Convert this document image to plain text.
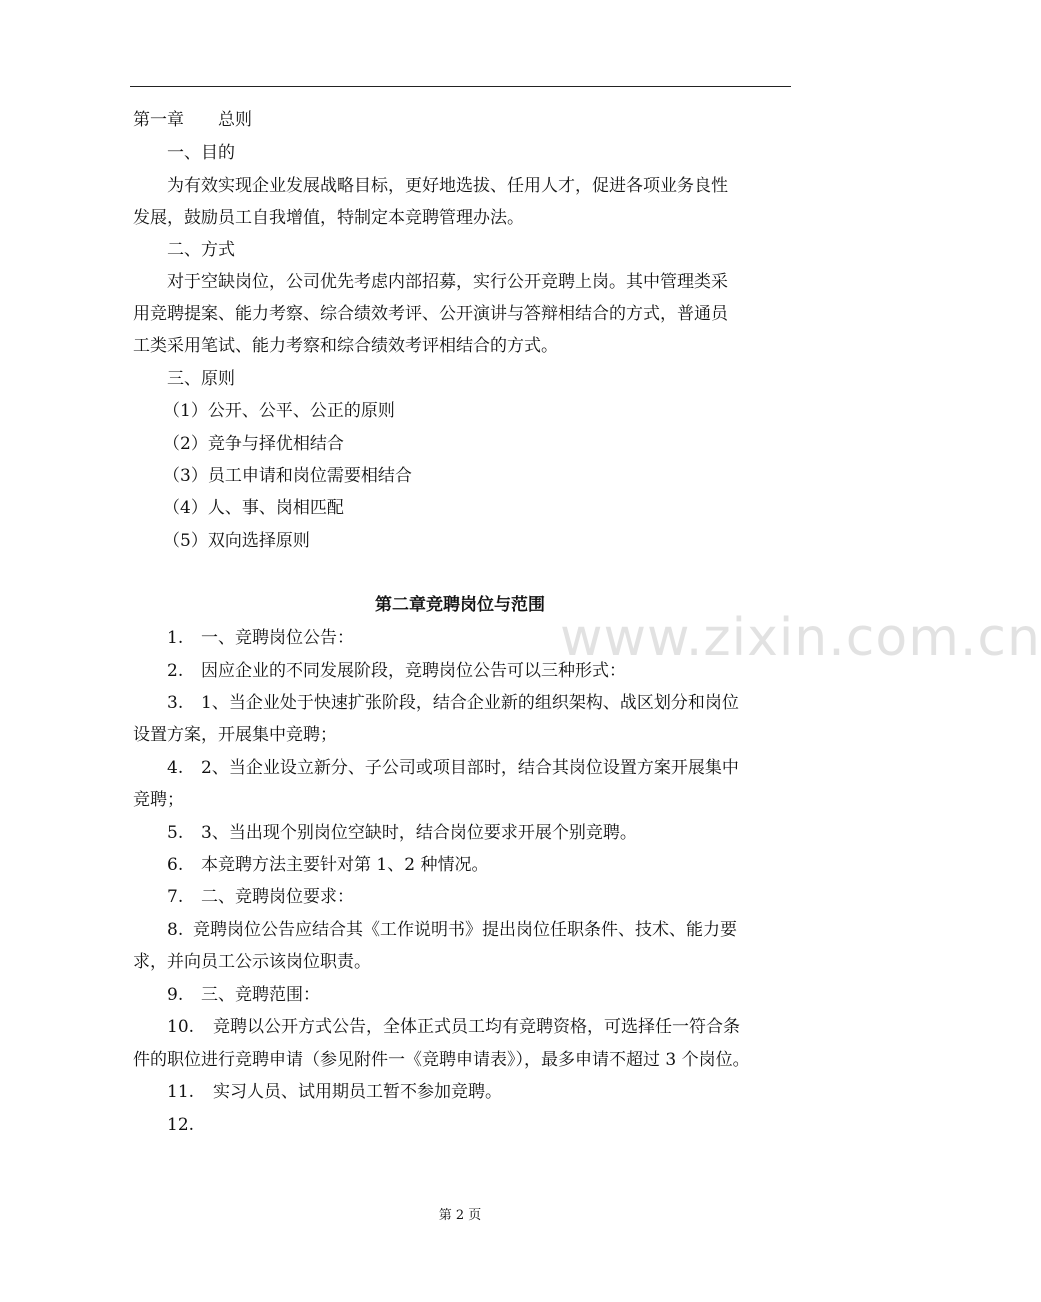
第一章　　总则
一、目的
为有效实现企业发展战略目标，更好地选拔、任用人才，促进各项业务良性
发展，鼓励员工自我增值，特制定本竞聘管理办法。
二、方式
对于空缺岗位，公司优先考虑内部招募，实行公开竞聘上岗。其中管理类采
用竞聘提案、能力考察、综合绩效考评、公开演讲与答辩相结合的方式，普通员
工类采用笔试、能力考察和综合绩效考评相结合的方式。
三、原则
（1）公开、公平、公正的原则
（2）竞争与择优相结合
（3）员工申请和岗位需要相结合
（4）人、事、岗相匹配
（5）双向选择原则
第二章竞聘岗位与范围
1. 一、竞聘岗位公告：
2. 因应企业的不同发展阶段，竞聘岗位公告可以三种形式：
3. 1、当企业处于快速扩张阶段，结合企业新的组织架构、战区划分和岗位
设置方案，开展集中竞聘；
4. 2、当企业设立新分、子公司或项目部时，结合其岗位设置方案开展集中
竞聘；
5. 3、当出现个别岗位空缺时，结合岗位要求开展个别竞聘。
6. 本竞聘方法主要针对第 1、2 种情况。
7. 二、竞聘岗位要求：
8. 竞聘岗位公告应结合其《工作说明书》提出岗位任职条件、技术、能力要
求，并向员工公示该岗位职责。
9. 三、竞聘范围：
10. 竞聘以公开方式公告，全体正式员工均有竞聘资格，可选择任一符合条
件的职位进行竞聘申请（参见附件一《竞聘申请表》），最多申请不超过 3 个岗位。
11. 实习人员、试用期员工暂不参加竞聘。
12.
www.zixin.com.cn
第 2 页
